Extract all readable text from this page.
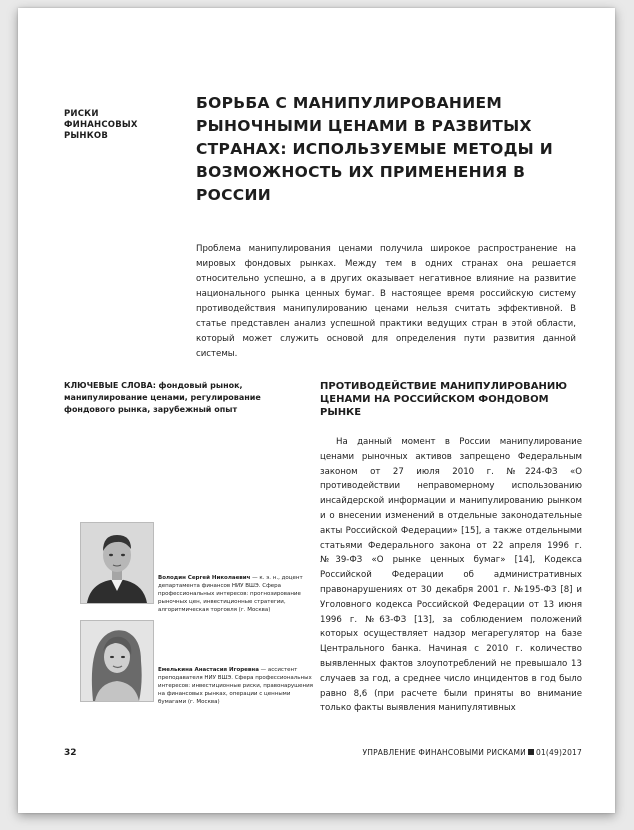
РИСКИ ФИНАНСОВЫХ РЫНКОВ

БОРЬБА С МАНИПУЛИРОВАНИЕМ РЫНОЧНЫМИ ЦЕНАМИ В РАЗВИТЫХ СТРАНАХ: ИСПОЛЬЗУЕМЫЕ МЕТОДЫ И ВОЗМОЖНОСТЬ ИХ ПРИМЕНЕНИЯ В РОССИИ

Проблема манипулирования ценами получила широкое распространение на мировых фондовых рынках. Между тем в одних странах она решается относительно успешно, а в других оказывает негативное влияние на развитие национального рынка ценных бумаг. В настоящее время российскую систему противодействия манипулированию ценами нельзя считать эффективной. В статье представлен анализ успешной практики ведущих стран в этой области, который может служить основой для определения пути развития данной системы.

КЛЮЧЕВЫЕ СЛОВА: фондовый рынок, манипулирование ценами, регулирование фондового рынка, зарубежный опыт

ПРОТИВОДЕЙСТВИЕ МАНИПУЛИРОВАНИЮ ЦЕНАМИ НА РОССИЙСКОМ ФОНДОВОМ РЫНКЕ

На данный момент в России манипулирование ценами рыночных активов запрещено Федеральным законом от 27 июля 2010 г. №224-ФЗ «О противодействии неправомерному использованию инсайдерской информации и манипулированию рынком и о внесении изменений в отдельные законодательные акты Российской Федерации» [15], а также отдельными статьями Федерального закона от 22 апреля 1996 г. №39-ФЗ «О рынке ценных бумаг» [14], Кодекса Российской Федерации об административных правонарушениях от 30 декабря 2001 г. №195-ФЗ [8] и Уголовного кодекса Российской Федерации от 13 июня 1996 г. №63-ФЗ [13], за соблюдением положений которых осуществляет надзор мегарегулятор на базе Центрального банка. Начиная с 2010 г. количество выявленных фактов злоупотреблений не превышало 13 случаев за год, а среднее число инцидентов в год было равно 8,6 (при расчете были приняты во внимание только факты выявления манипулятивных

Володин Сергей Николаевич — к. э. н., доцент департамента финансов НИУ ВШЭ. Сфера профессиональных интересов: прогнозирование рыночных цен, инвестиционные стратегии, алгоритмическая торговля (г. Москва)

Емелькина Анастасия Игоревна — ассистент преподавателя НИУ ВШЭ. Сфера профессиональных интересов: инвестиционные риски, правонарушения на финансовых рынках, операции с ценными бумагами (г. Москва)

32	УПРАВЛЕНИЕ ФИНАНСОВЫМИ РИСКАМИ 01(49)2017
